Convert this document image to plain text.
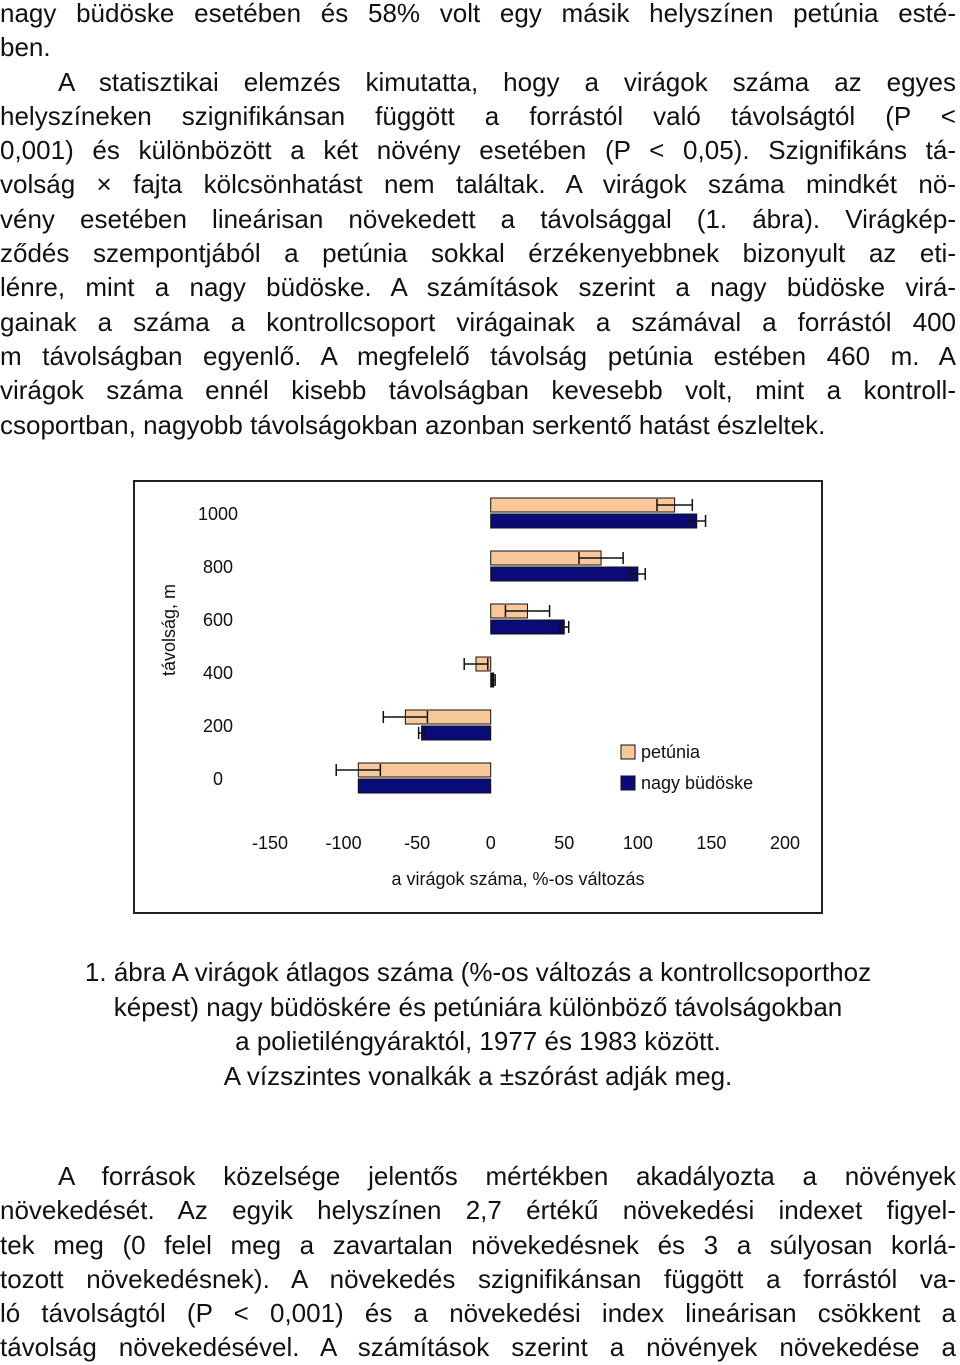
nagy büdöske esetében és 58% volt egy másik helyszínen petúnia esté-
ben.
A statisztikai elemzés kimutatta, hogy a virágok száma az egyes
helyszíneken szignifikánsan függött a forrástól való távolságtól (P <
0,001) és különbözött a két növény esetében (P < 0,05). Szignifikáns tá-
volság × fajta kölcsönhatást nem találtak. A virágok száma mindkét nö-
vény esetében lineárisan növekedett a távolsággal (1. ábra). Virágkép-
ződés szempontjából a petúnia sokkal érzékenyebbnek bizonyult az eti-
lénre, mint a nagy büdöske. A számítások szerint a nagy büdöske virá-
gainak a száma a kontrollcsoport virágainak a számával a forrástól 400
m távolságban egyenlő. A megfelelő távolság petúnia estében 460 m. A
virágok száma ennél kisebb távolságban kevesebb volt, mint a kontroll-
csoportban, nagyobb távolságokban azonban serkentő hatást észleltek.
távolság, m
a virágok száma, %-os változás
0
200
400
600
800
1000
-150 -100 -50	0	50	100 150 200
petúnia
nagy büdöske
1. ábra A virágok átlagos száma (%-os változás a kontrollcsoporthoz
képest) nagy büdöskére és petúniára különböző távolságokban
a polietiléngyáraktól, 1977 és 1983 között.
A vízszintes vonalkák a ±szórást adják meg.
A források közelsége jelentős mértékben akadályozta a növények
növekedését. Az egyik helyszínen 2,7 értékű növekedési indexet figyel-
tek meg (0 felel meg a zavartalan növekedésnek és 3 a súlyosan korlá-
tozott növekedésnek). A növekedés szignifikánsan függött a forrástól va-
ló távolságtól (P < 0,001) és a növekedési index lineárisan csökkent a
távolság növekedésével. A számítások szerint a növények növekedése a
